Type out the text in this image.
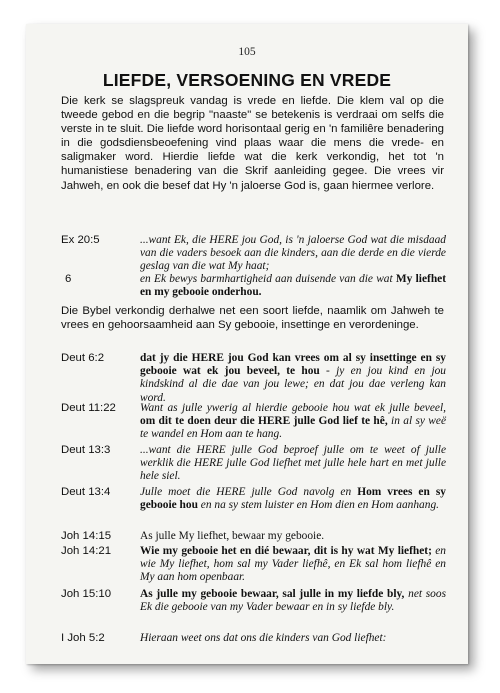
105
LIEFDE, VERSOENING EN VREDE
Die kerk se slagspreuk vandag is vrede en liefde. Die klem val op die tweede gebod en die begrip "naaste" se betekenis is verdraai om selfs die verste in te sluit. Die liefde word horisontaal gerig en 'n familiêre benadering in die godsdiensbeoefening vind plaas waar die mens die vrede- en saligmaker word. Hierdie liefde wat die kerk verkondig, het tot 'n humanistiese benadering van die Skrif aanleiding gegee. Die vrees vir Jahweh, en ook die besef dat Hy 'n jaloerse God is, gaan hiermee verlore.
Ex 20:5	...want Ek, die HERE jou God, is 'n jaloerse God wat die misdaad van die vaders besoek aan die kinders, aan die derde en die vierde geslag van die wat My haat;
6	en Ek bewys barmhartigheid aan duisende van die wat My liefhet en my gebooie onderhou.
Die Bybel verkondig derhalwe net een soort liefde, naamlik om Jahweh te vrees en gehoorsaamheid aan Sy gebooie, insettinge en verordeninge.
Deut 6:2	dat jy die HERE jou God kan vrees om al sy insettinge en sy gebooie wat ek jou beveel, te hou - jy en jou kind en jou kindskind al die dae van jou lewe; en dat jou dae verleng kan word.
Deut 11:22	Want as julle ywerig al hierdie gebooie hou wat ek julle beveel, om dit te doen deur die HERE julle God lief te hê, in al sy weë te wandel en Hom aan te hang.
Deut 13:3	...want die HERE julle God beproef julle om te weet of julle werklik die HERE julle God liefhet met julle hele hart en met julle hele siel.
Deut 13:4	Julle moet die HERE julle God navolg en Hom vrees en sy gebooie hou en na sy stem luister en Hom dien en Hom aanhang.
Joh 14:15	As julle My liefhet, bewaar my gebooie.
Joh 14:21	Wie my gebooie het en dié bewaar, dit is hy wat My liefhet; en wie My liefhet, hom sal my Vader liefhê, en Ek sal hom liefhê en My aan hom openbaar.
Joh 15:10	As julle my gebooie bewaar, sal julle in my liefde bly, net soos Ek die gebooie van my Vader bewaar en in sy liefde bly.
I Joh 5:2	Hieraan weet ons dat ons die kinders van God liefhet:
